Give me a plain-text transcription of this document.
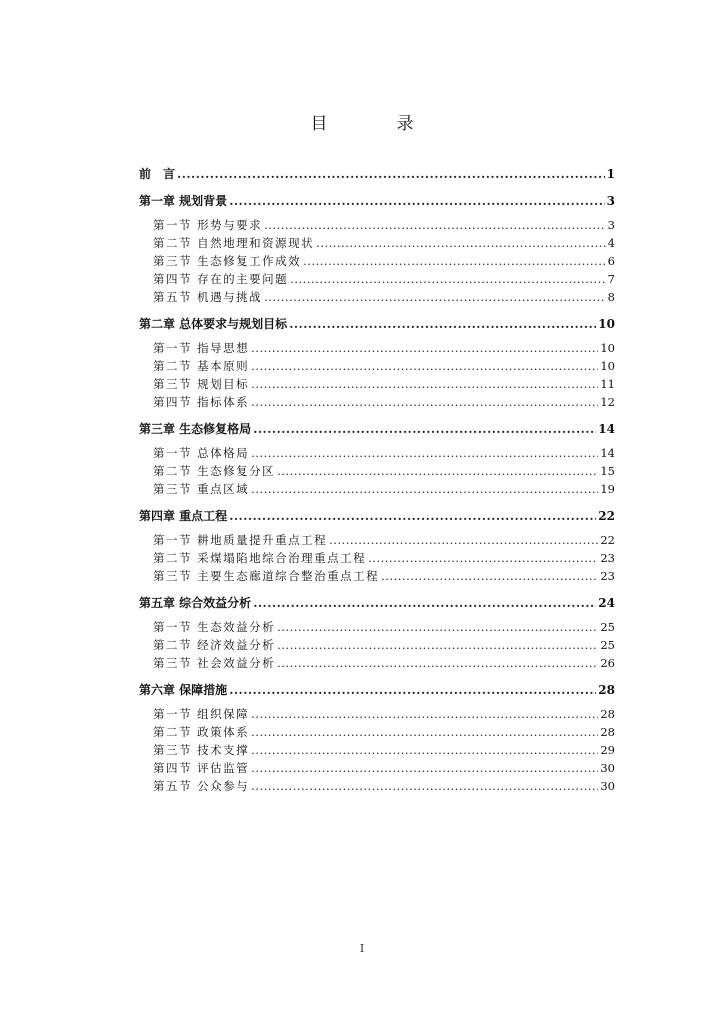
目　录
前　言 .....	1
第一章 规划背景 .....	3
第一节 形势与要求 .....	3
第二节 自然地理和资源现状 .....	4
第三节 生态修复工作成效 .....	6
第四节 存在的主要问题 .....	7
第五节 机遇与挑战 .....	8
第二章 总体要求与规划目标 .....	10
第一节 指导思想 .....	10
第二节 基本原则 .....	10
第三节 规划目标 .....	11
第四节 指标体系 .....	12
第三章 生态修复格局 .....	14
第一节 总体格局 .....	14
第二节 生态修复分区 .....	15
第三节 重点区域 .....	19
第四章 重点工程 .....	22
第一节 耕地质量提升重点工程 .....	22
第二节 采煤塌陷地综合治理重点工程 .....	23
第三节 主要生态廊道综合整治重点工程 .....	23
第五章 综合效益分析 .....	24
第一节 生态效益分析 .....	25
第二节 经济效益分析 .....	25
第三节 社会效益分析 .....	26
第六章 保障措施 .....	28
第一节 组织保障 .....	28
第二节 政策体系 .....	28
第三节 技术支撑 .....	29
第四节 评估监管 .....	30
第五节 公众参与 .....	30
I
